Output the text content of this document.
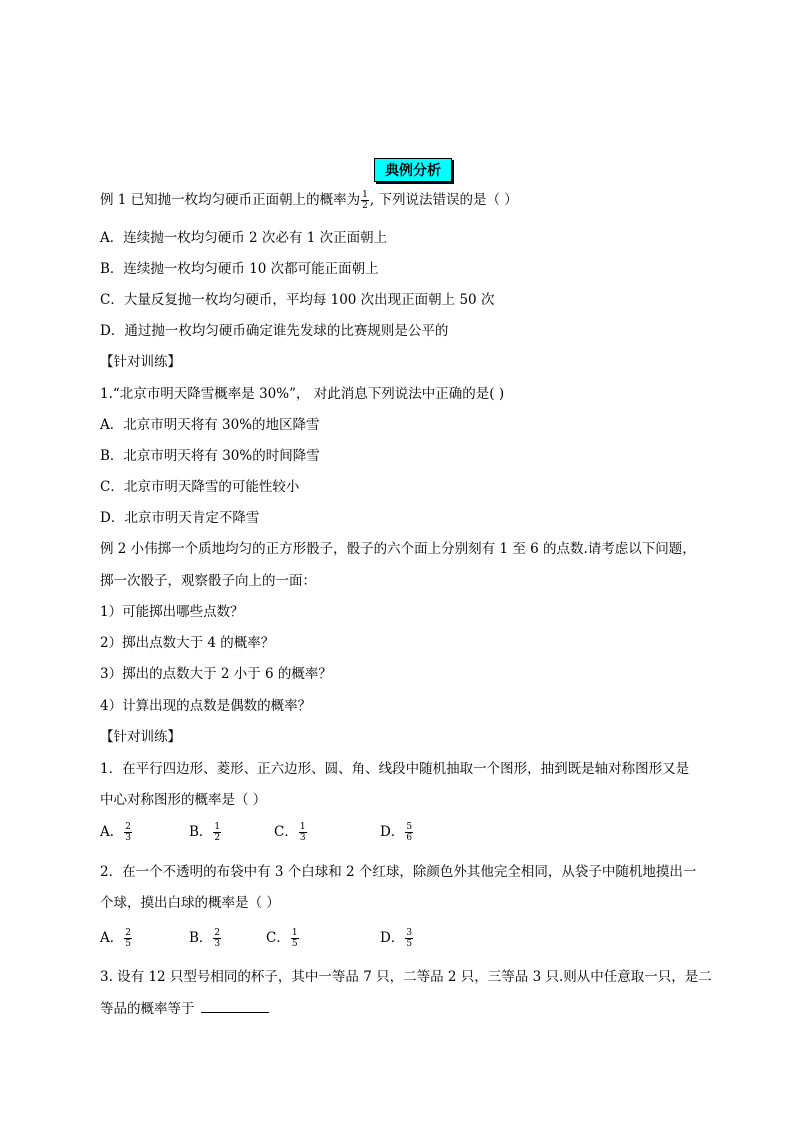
典例分析
例 1 已知抛一枚均匀硬币正面朝上的概率为 $\frac{1}{2}$ , 下列说法错误的是（ ）
A．连续抛一枚均匀硬币 2 次必有 1 次正面朝上
B．连续抛一枚均匀硬币 10 次都可能正面朝上
C．大量反复抛一枚均匀硬币，平均每 100 次出现正面朝上 50 次
D．通过抛一枚均匀硬币确定谁先发球的比赛规则是公平的
【针对训练】
1.“北京市明天降雪概率是 30%”， 对此消息下列说法中正确的是( )
A．北京市明天将有 30%的地区降雪
B．北京市明天将有 30%的时间降雪
C．北京市明天降雪的可能性较小
D．北京市明天肯定不降雪
例 2 小伟掷一个质地均匀的正方形骰子，骰子的六个面上分别刻有 1 至 6 的点数.请考虑以下问题，
掷一次骰子，观察骰子向上的一面：
1）可能掷出哪些点数？
2）掷出点数大于 4 的概率？
3）掷出的点数大于 2 小于 6 的概率？
4）计算出现的点数是偶数的概率？
【针对训练】
1．在平行四边形、菱形、正六边形、圆、角、线段中随机抽取一个图形，抽到既是轴对称图形又是
中心对称图形的概率是（ ）
A． $\frac{2}{3}$	B． $\frac{1}{2}$	C． $\frac{1}{3}$	D． $\frac{5}{6}$
2．在一个不透明的布袋中有 3 个白球和 2 个红球，除颜色外其他完全相同，从袋子中随机地摸出一
个球，摸出白球的概率是（ ）
A． $\frac{2}{5}$	B． $\frac{2}{3}$	C． $\frac{1}{5}$	D． $\frac{3}{5}$
3. 设有 12 只型号相同的杯子，其中一等品 7 只，二等品 2 只，三等品 3 只.则从中任意取一只，是二
等品的概率等于
